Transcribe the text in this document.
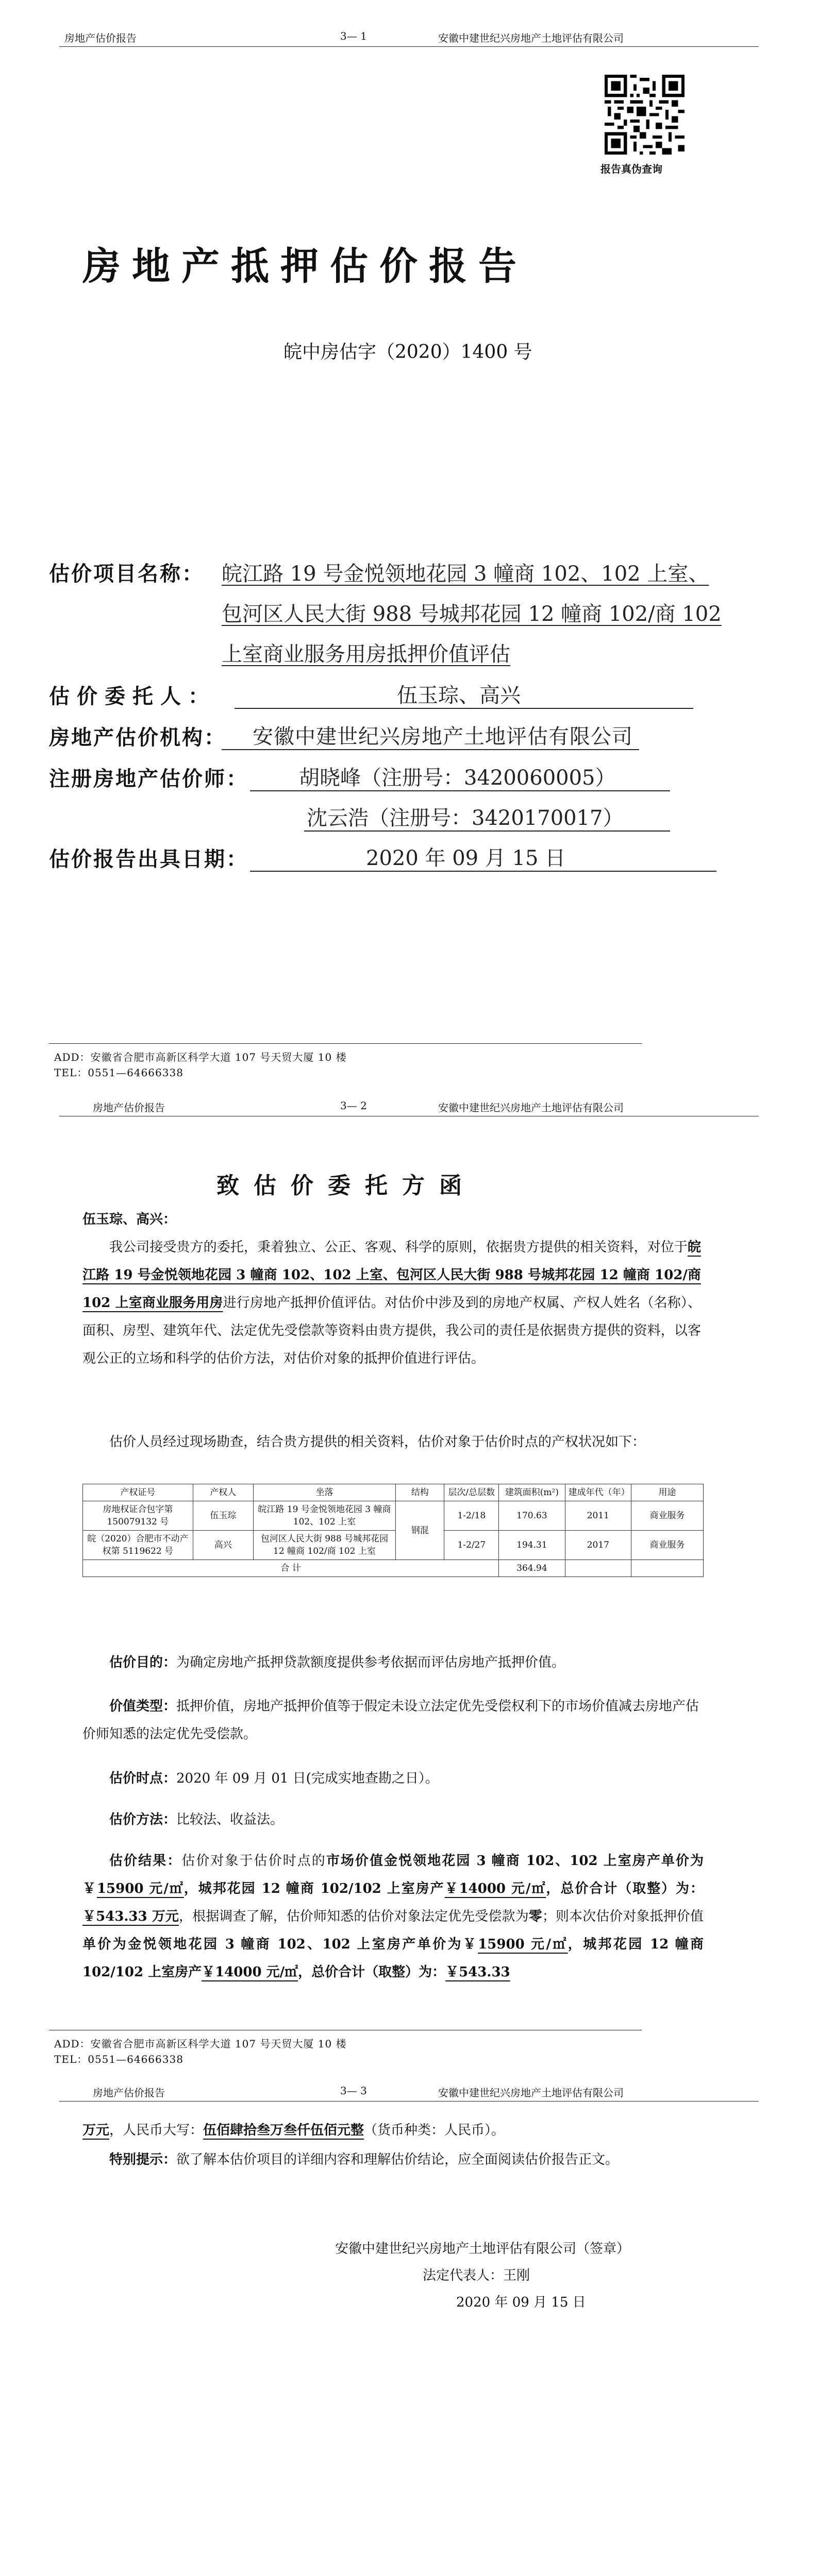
房地产估价报告	3— 1	安徽中建世纪兴房地产土地评估有限公司
报告真伪查询
房地产抵押估价报告
皖中房估字（2020）1400 号
估价项目名称： 皖江路 19 号金悦领地花园 3 幢商 102、102 上室、
包河区人民大街 988 号城邦花园 12 幢商 102/商 102
上室商业服务用房抵押价值评估
估价委托人：	伍玉琮、高兴
房地产估价机构： 安徽中建世纪兴房地产土地评估有限公司
注册房地产估价师： 胡晓峰（注册号：3420060005）
沈云浩（注册号：3420170017）
估价报告出具日期：	2020 年 09 月 15 日
ADD：安徽省合肥市高新区科学大道 107 号天贸大厦 10 楼
TEL：0551—64666338
房地产估价报告	3— 2	安徽中建世纪兴房地产土地评估有限公司
致估价委托方函
伍玉琮、高兴：
我公司接受贵方的委托，秉着独立、公正、客观、科学的原则，依据贵方提供的相关资料，对位于皖江路 19 号金悦领地花园 3 幢商 102、102 上室、包河区人民大街 988 号城邦花园 12 幢商 102/商 102 上室商业服务用房进行房地产抵押价值评估。对估价中涉及到的房地产权属、产权人姓名（名称）、面积、房型、建筑年代、法定优先受偿款等资料由贵方提供，我公司的责任是依据贵方提供的资料，以客观公正的立场和科学的估价方法，对估价对象的抵押价值进行评估。
估价人员经过现场勘查，结合贵方提供的相关资料，估价对象于估价时点的产权状况如下：
产权证号	产权人	坐落	结构	层次/总层数	建筑面积(m²)	建成年代（年）	用途
房地权证合包字第150079132 号	伍玉琮	皖江路 19 号金悦领地花园 3 幢商 102、102 上室	钢混	1-2/18	170.63	2011	商业服务
皖（2020）合肥市不动产权第 5119622 号	高兴	包河区人民大街 988 号城邦花园 12 幢商 102/商 102 上室		1-2/27	194.31	2017	商业服务
合 计					364.94		
估价目的：为确定房地产抵押贷款额度提供参考依据而评估房地产抵押价值。
价值类型：抵押价值，房地产抵押价值等于假定未设立法定优先受偿权利下的市场价值减去房地产估价师知悉的法定优先受偿款。
估价时点：2020 年 09 月 01 日(完成实地查勘之日）。
估价方法：比较法、收益法。
估价结果：估价对象于估价时点的市场价值金悦领地花园 3 幢商 102、102 上室房产单价为￥15900 元/㎡，城邦花园 12 幢商 102/102 上室房产￥14000 元/㎡，总价合计（取整）为：￥543.33 万元，根据调查了解，估价师知悉的估价对象法定优先受偿款为零；则本次估价对象抵押价值单价为金悦领地花园 3 幢商 102、102 上室房产单价为￥15900 元/㎡，城邦花园 12 幢商 102/102 上室房产￥14000 元/㎡，总价合计（取整）为：￥543.33
ADD：安徽省合肥市高新区科学大道 107 号天贸大厦 10 楼
TEL：0551—64666338
房地产估价报告	3— 3	安徽中建世纪兴房地产土地评估有限公司
万元，人民币大写：伍佰肆拾叁万叁仟伍佰元整（货币种类：人民币）。
特别提示：欲了解本估价项目的详细内容和理解估价结论，应全面阅读估价报告正文。
安徽中建世纪兴房地产土地评估有限公司（签章）
法定代表人：王刚
2020 年 09 月 15 日
